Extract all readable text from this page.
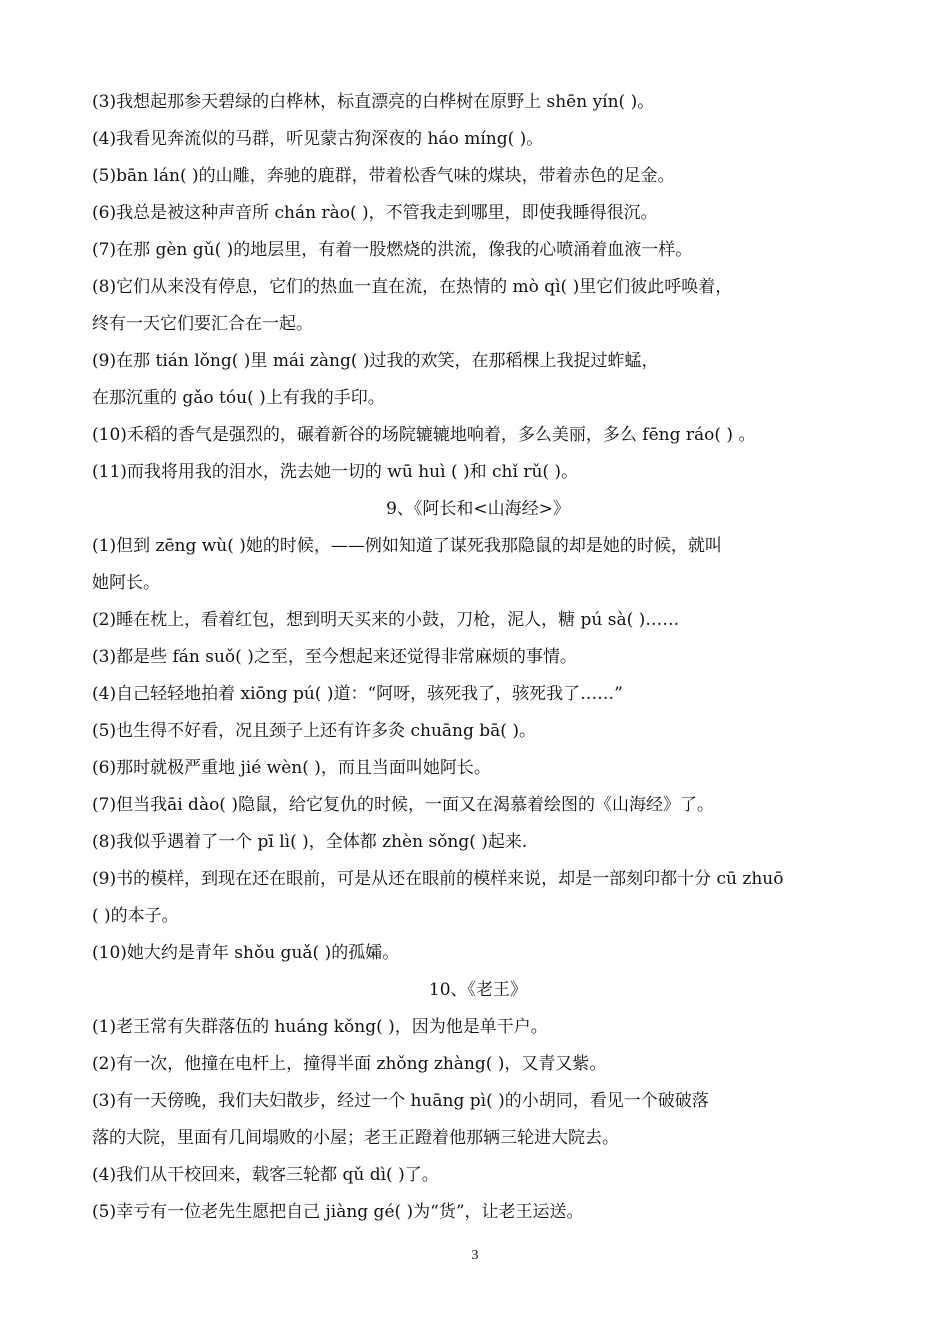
(3)我想起那参天碧绿的白桦林，标直漂亮的白桦树在原野上 shēn yín( )。
(4)我看见奔流似的马群，听见蒙古狗深夜的 háo míng( )。
(5)bān lán( )的山雕，奔驰的鹿群，带着松香气味的煤块，带着赤色的足金。
(6)我总是被这种声音所 chán rào( )，不管我走到哪里，即使我睡得很沉。
(7)在那 gèn gǔ( )的地层里，有着一股燃烧的洪流，像我的心喷涌着血液一样。
(8)它们从来没有停息，它们的热血一直在流，在热情的 mò qì( )里它们彼此呼唤着，
终有一天它们要汇合在一起。
(9)在那 tián lǒng( )里 mái zàng( )过我的欢笑，在那稻棵上我捉过蚱蜢，
在那沉重的 gǎo tóu( )上有我的手印。
(10)禾稻的香气是强烈的，碾着新谷的场院辘辘地响着，多么美丽，多么 fēng ráo( ) 。
(11)而我将用我的泪水，洗去她一切的 wū huì ( )和 chǐ rǔ( )。
9、《阿长和<山海经>》
(1)但到 zēng wù( )她的时候，——例如知道了谋死我那隐鼠的却是她的时候，就叫
她阿长。
(2)睡在枕上，看着红包，想到明天买来的小鼓，刀枪，泥人，糖 pú sà( )……
(3)都是些 fán suǒ( )之至，至今想起来还觉得非常麻烦的事情。
(4)自己轻轻地拍着 xiōng pú( )道：“阿呀，骇死我了，骇死我了……”
(5)也生得不好看，况且颈子上还有许多灸 chuāng bā( )。
(6)那时就极严重地 jié wèn( )，而且当面叫她阿长。
(7)但当我āi dào( )隐鼠，给它复仇的时候，一面又在渴慕着绘图的《山海经》了。
(8)我似乎遇着了一个 pī lì( )，全体都 zhèn sǒng( )起来.
(9)书的模样，到现在还在眼前，可是从还在眼前的模样来说，却是一部刻印都十分 cū zhuō
( )的本子。
(10)她大约是青年 shǒu guǎ( )的孤孀。
10、《老王》
(1)老王常有失群落伍的 huáng kǒng( )，因为他是单干户。
(2)有一次，他撞在电杆上，撞得半面 zhǒng zhàng( )，又青又紫。
(3)有一天傍晚，我们夫妇散步，经过一个 huāng pì( )的小胡同，看见一个破破落
落的大院，里面有几间塌败的小屋；老王正蹬着他那辆三轮进大院去。
(4)我们从干校回来，载客三轮都 qǔ dì( )了。
(5)幸亏有一位老先生愿把自己 jiàng gé( )为“货”，让老王运送。
3
